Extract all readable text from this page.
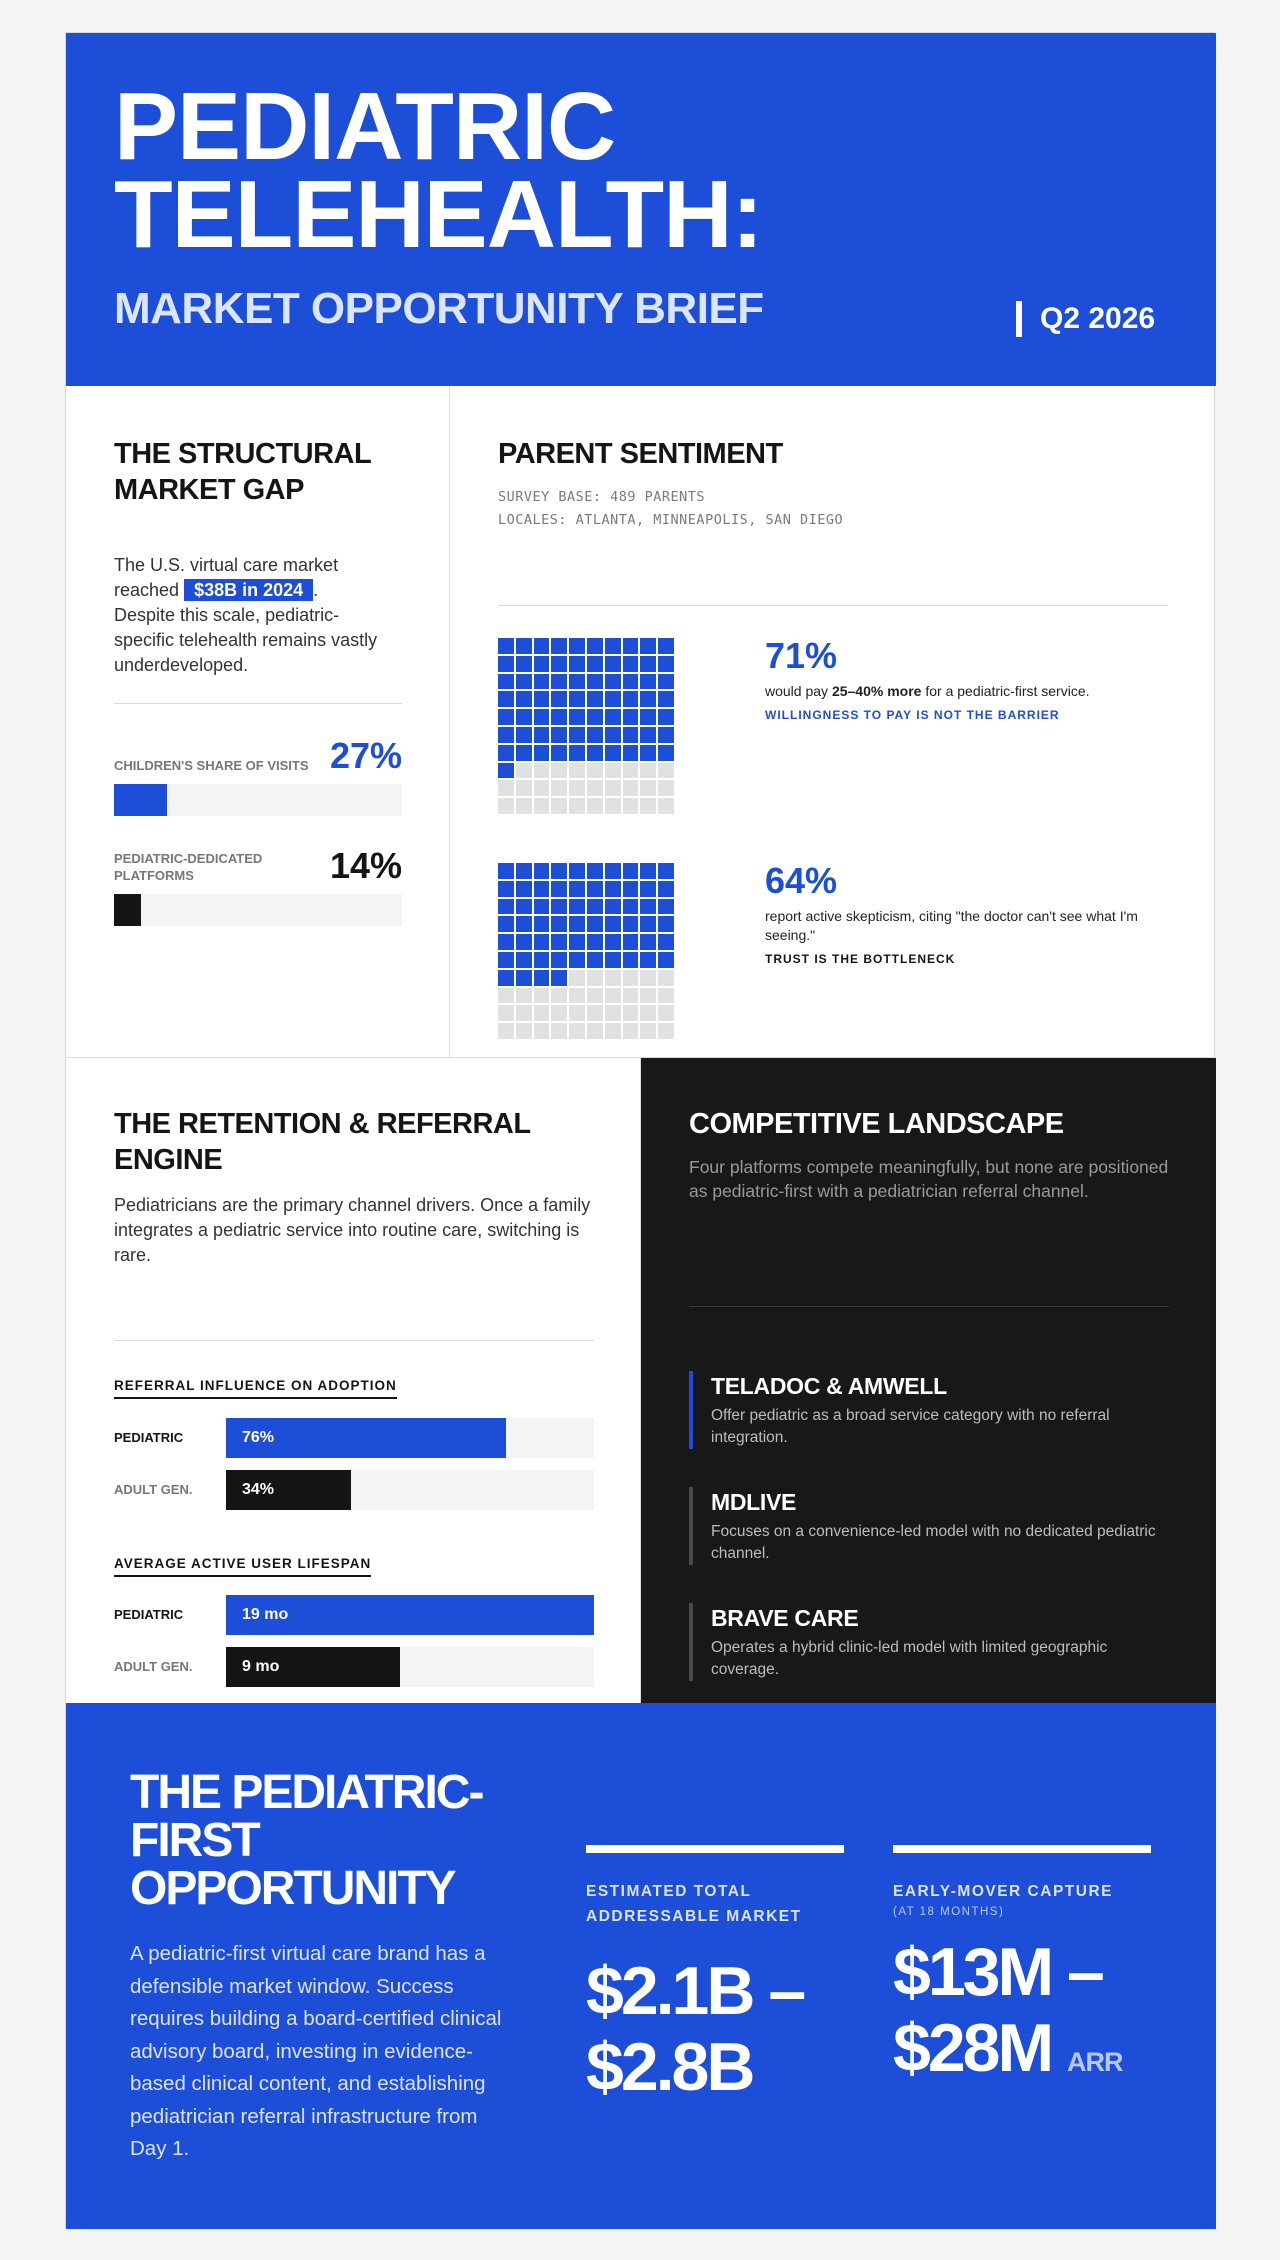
PEDIATRIC
TELEHEALTH:
MARKET OPPORTUNITY BRIEF	Q2 2026
THE STRUCTURAL MARKET GAP
The U.S. virtual care market reached $38B in 2024 . Despite this scale, pediatric-specific telehealth remains vastly underdeveloped.
CHILDREN'S SHARE OF VISITS 27%
PEDIATRIC-DEDICATED PLATFORMS	14%
PARENT SENTIMENT
SURVEY BASE: 489 PARENTS
LOCALES: ATLANTA, MINNEAPOLIS, SAN DIEGO
71%
would pay 25–40% more for a pediatric-first service.
WILLINGNESS TO PAY IS NOT THE BARRIER
64%
report active skepticism, citing "the doctor can't see what I'm seeing."
TRUST IS THE BOTTLENECK
THE RETENTION & REFERRAL ENGINE
Pediatricians are the primary channel drivers. Once a family integrates a pediatric service into routine care, switching is rare.
REFERRAL INFLUENCE ON ADOPTION
PEDIATRIC	76%
ADULT GEN.	34%
AVERAGE ACTIVE USER LIFESPAN
PEDIATRIC	19 mo
ADULT GEN.	9 mo
COMPETITIVE LANDSCAPE
Four platforms compete meaningfully, but none are positioned as pediatric-first with a pediatrician referral channel.
TELADOC & AMWELL

Offer pediatric as a broad service category with no referral integration.

MDLIVE

Focuses on a convenience-led model with no dedicated pediatric channel.

BRAVE CARE

Operates a hybrid clinic-led model with limited geographic coverage.

THE PEDIATRIC-FIRST OPPORTUNITY
A pediatric-first virtual care brand has a defensible market window. Success requires building a board-certified clinical advisory board, investing in evidence-based clinical content, and establishing pediatrician referral infrastructure from Day 1.
ESTIMATED TOTAL ADDRESSABLE MARKET
$2.1B –
$2.8B
EARLY-MOVER CAPTURE
(AT 18 MONTHS)
$13M –
$28M ARR
